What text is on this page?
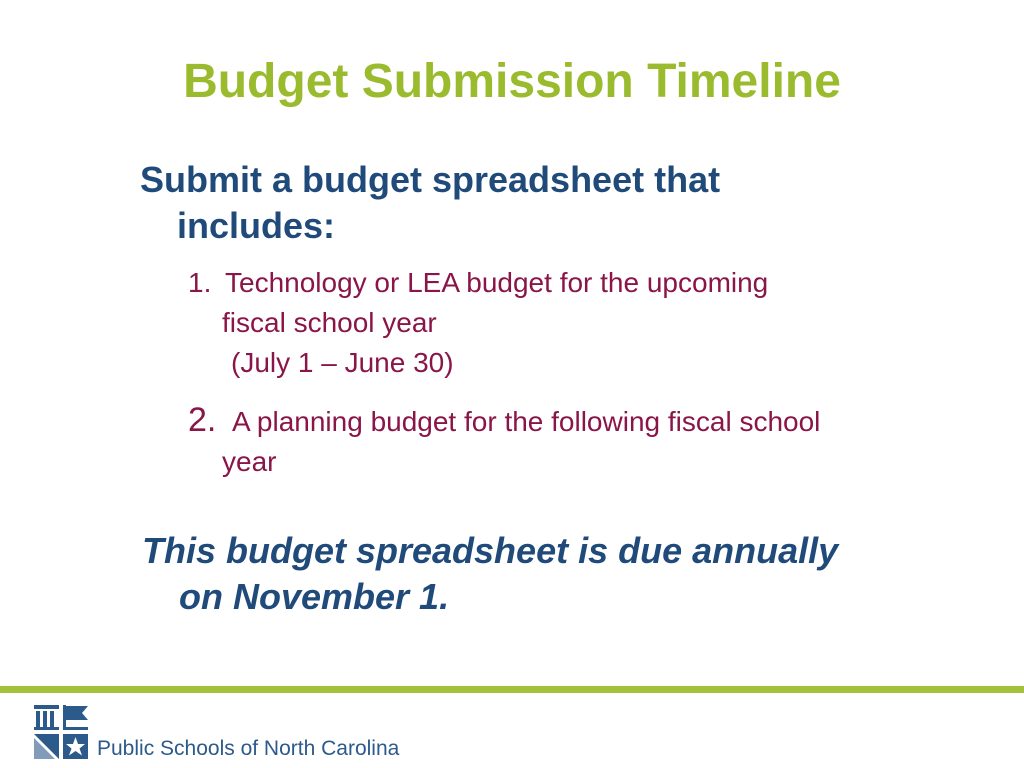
Budget Submission Timeline
Submit a budget spreadsheet that
includes:
1. Technology or LEA budget for the upcoming
fiscal school year
(July 1 – June 30)
2. A planning budget for the following fiscal school
year
This budget spreadsheet is due annually
on November 1.
Public Schools of North Carolina
